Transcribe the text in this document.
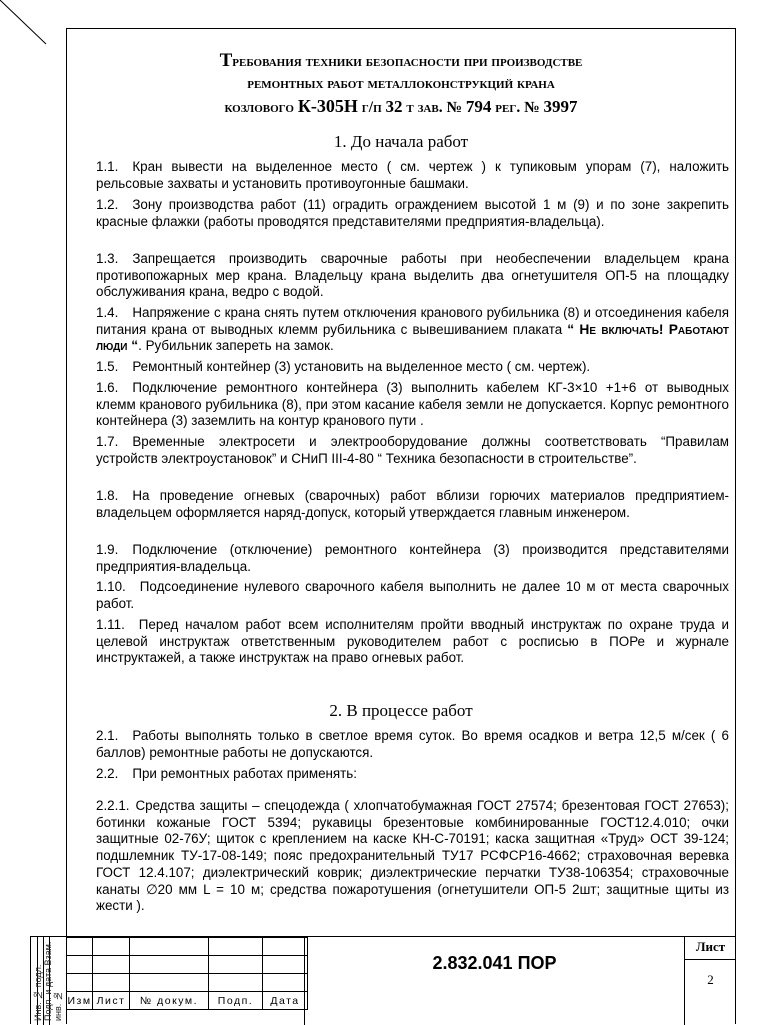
Требования техники безопасности при производстве
ремонтных работ металлоконструкций крана
козлового К-305Н г/п 32 т зав. № 794 рег. № 3997
1. До начала работ
1.1. Кран вывести на выделенное место ( см. чертеж ) к тупиковым упорам (7), наложить рельсовые захваты и установить противоугонные башмаки.
1.2. Зону производства работ (11) оградить ограждением высотой 1 м (9) и по зоне закрепить красные флажки (работы проводятся представителями предприятия-владельца).
1.3. Запрещается производить сварочные работы при необеспечении владельцем крана противопожарных мер крана. Владельцу крана выделить два огнетушителя ОП-5 на площадку обслуживания крана, ведро с водой.
1.4. Напряжение с крана снять путем отключения кранового рубильника (8) и отсоединения кабеля питания крана от выводных клемм рубильника с вывешиванием плаката “ Не включать! Работают люди “. Рубильник запереть на замок.
1.5. Ремонтный контейнер (3) установить на выделенное место ( см. чертеж).
1.6. Подключение ремонтного контейнера (3) выполнить кабелем КГ-3×10 +1+6 от выводных клемм кранового рубильника (8), при этом касание кабеля земли не допускается. Корпус ремонтного контейнера (3) заземлить на контур кранового пути .
1.7. Временные электросети и электрооборудование должны соответствовать “Правилам устройств электроустановок” и СНиП III-4-80 “ Техника безопасности в строительстве”.
1.8. На проведение огневых (сварочных) работ вблизи горючих материалов предприятием-владельцем оформляется наряд-допуск, который утверждается главным инженером.
1.9. Подключение (отключение) ремонтного контейнера (3) производится представителями предприятия-владельца.
1.10. Подсоединение нулевого сварочного кабеля выполнить не далее 10 м от места сварочных работ.
1.11. Перед началом работ всем исполнителям пройти вводный инструктаж по охране труда и целевой инструктаж ответственным руководителем работ с росписью в ПОРе и журнале инструктажей, а также инструктаж на право огневых работ.
2. В процессе работ
2.1. Работы выполнять только в светлое время суток. Во время осадков и ветра 12,5 м/сек ( 6 баллов) ремонтные работы не допускаются.
2.2. При ремонтных работах применять:
2.2.1. Средства защиты – спецодежда ( хлопчатобумажная ГОСТ 27574; брезентовая ГОСТ 27653); ботинки кожаные ГОСТ 5394; рукавицы брезентовые комбинированные ГОСТ12.4.010; очки защитные 02-76У; щиток с креплением на каске КН-С-70191; каска защитная «Труд» ОСТ 39-124; подшлемник ТУ-17-08-149; пояс предохранительный ТУ17 РСФСР16-4662; страховочная веревка ГОСТ 12.4.107; диэлектрический коврик; диэлектрические перчатки ТУ38-106354; страховочные канаты ∅20 мм L = 10 м; средства пожаротушения (огнетушители ОП-5 2шт; защитные щиты из жести ).
Инв. № подл. Подп. и дата Взам. инв. №

				Изм	Лист	№ докум.	Подп.	Дата
2.832.041 ПОР
Лист
2
